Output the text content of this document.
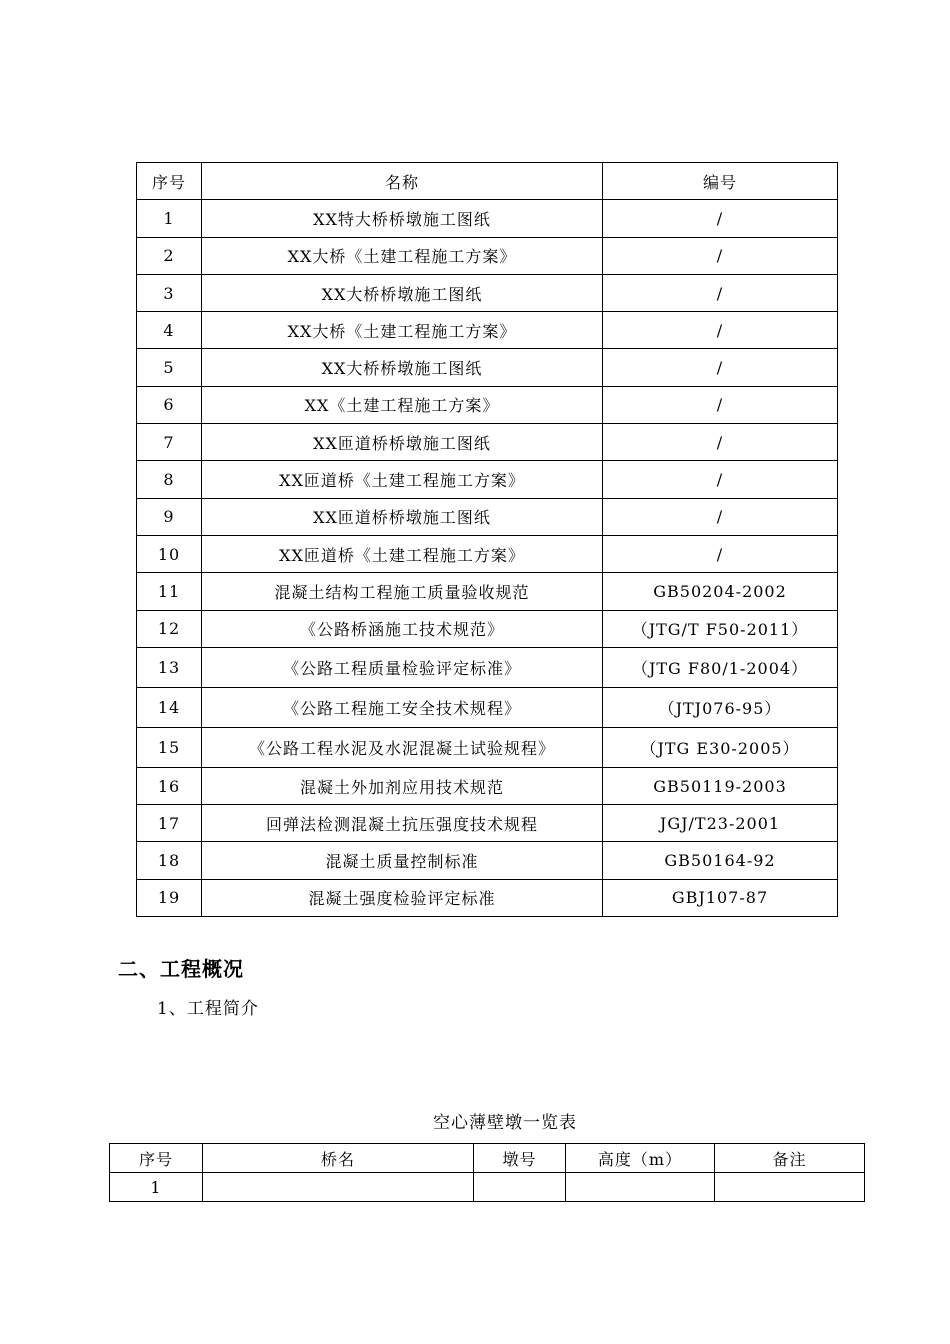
序号	名称	编号
1	XX特大桥桥墩施工图纸	/
2	XX大桥《土建工程施工方案》	/
3	XX大桥桥墩施工图纸	/
4	XX大桥《土建工程施工方案》	/
5	XX大桥桥墩施工图纸	/
6	XX《土建工程施工方案》	/
7	XX匝道桥桥墩施工图纸	/
8	XX匝道桥《土建工程施工方案》	/
9	XX匝道桥桥墩施工图纸	/
10	XX匝道桥《土建工程施工方案》	/
11	混凝土结构工程施工质量验收规范	GB50204-2002
12	《公路桥涵施工技术规范》	（JTG/T F50-2011）
13	《公路工程质量检验评定标准》	（JTG F80/1-2004）
14	《公路工程施工安全技术规程》	（JTJ076-95）
15	《公路工程水泥及水泥混凝土试验规程》	（JTG E30-2005）
16	混凝土外加剂应用技术规范	GB50119-2003
17	回弹法检测混凝土抗压强度技术规程	JGJ/T23-2001
18	混凝土质量控制标准	GB50164-92
19	混凝土强度检验评定标准	GBJ107-87
二、工程概况
1、工程简介
空心薄壁墩一览表
序号	桥名	墩号	高度（m）	备注
1				
